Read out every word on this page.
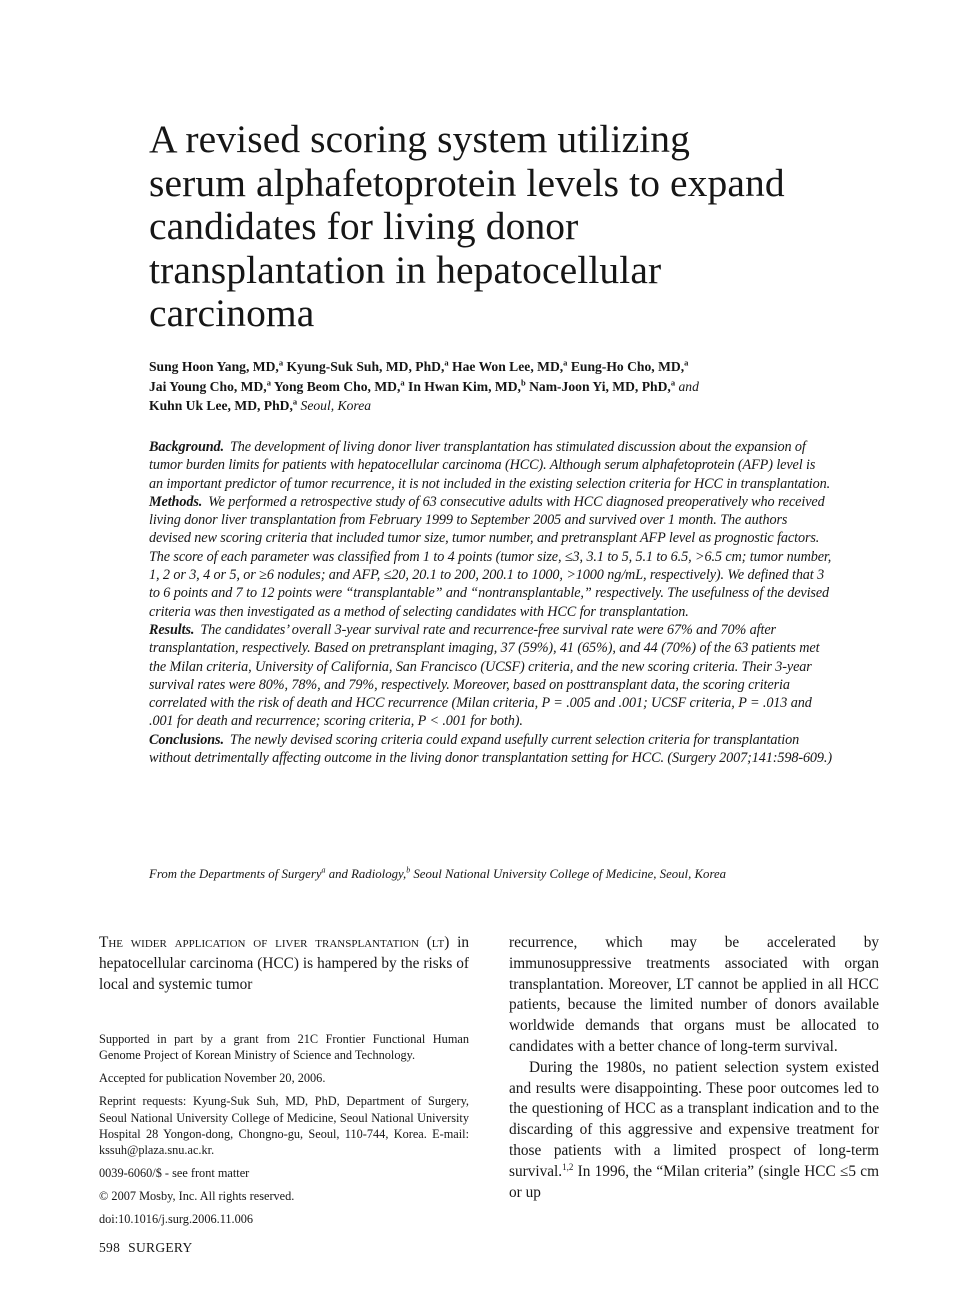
A revised scoring system utilizing serum alphafetoprotein levels to expand candidates for living donor transplantation in hepatocellular carcinoma
Sung Hoon Yang, MD,$^a$ Kyung-Suk Suh, MD, PhD,$^a$ Hae Won Lee, MD,$^a$ Eung-Ho Cho, MD,$^a$
Jai Young Cho, MD,$^a$ Yong Beom Cho, MD,$^a$ In Hwan Kim, MD,$^b$ Nam-Joon Yi, MD, PhD,$^a$ and
Kuhn Uk Lee, MD, PhD,$^a$ Seoul, Korea

Background. The development of living donor liver transplantation has stimulated discussion about the expansion of tumor burden limits for patients with hepatocellular carcinoma (HCC). Although serum alphafetoprotein (AFP) level is an important predictor of tumor recurrence, it is not included in the existing selection criteria for HCC in transplantation.

Methods. We performed a retrospective study of 63 consecutive adults with HCC diagnosed preoperatively who received living donor liver transplantation from February 1999 to September 2005 and survived over 1 month. The authors devised new scoring criteria that included tumor size, tumor number, and pretransplant AFP level as prognostic factors. The score of each parameter was classified from 1 to 4 points (tumor size, ≤3, 3.1 to 5, 5.1 to 6.5, >6.5 cm; tumor number, 1, 2 or 3, 4 or 5, or ≥6 nodules; and AFP, ≤20, 20.1 to 200, 200.1 to 1000, >1000 ng/mL, respectively). We defined that 3 to 6 points and 7 to 12 points were “transplantable” and “nontransplantable,” respectively. The usefulness of the devised criteria was then investigated as a method of selecting candidates with HCC for transplantation.

Results. The candidates’ overall 3-year survival rate and recurrence-free survival rate were 67% and 70% after transplantation, respectively. Based on pretransplant imaging, 37 (59%), 41 (65%), and 44 (70%) of the 63 patients met the Milan criteria, University of California, San Francisco (UCSF) criteria, and the new scoring criteria. Their 3-year survival rates were 80%, 78%, and 79%, respectively. Moreover, based on posttransplant data, the scoring criteria correlated with the risk of death and HCC recurrence (Milan criteria, P = .005 and .001; UCSF criteria, P = .013 and .001 for death and recurrence; scoring criteria, P < .001 for both).

Conclusions. The newly devised scoring criteria could expand usefully current selection criteria for transplantation without detrimentally affecting outcome in the living donor transplantation setting for HCC. (Surgery 2007;141:598-609.)

From the Departments of Surgery$^a$ and Radiology,$^b$ Seoul National University College of Medicine, Seoul, Korea

The wider application of liver transplantation (lt) in hepatocellular carcinoma (HCC) is hampered by the risks of local and systemic tumor

Supported in part by a grant from 21C Frontier Functional Human Genome Project of Korean Ministry of Science and Technology.

Accepted for publication November 20, 2006.

Reprint requests: Kyung-Suk Suh, MD, PhD, Department of Surgery, Seoul National University College of Medicine, Seoul National University Hospital 28 Yongon-dong, Chongno-gu, Seoul, 110-744, Korea. E-mail: kssuh@plaza.snu.ac.kr.

0039-6060/$ - see front matter

© 2007 Mosby, Inc. All rights reserved.

doi:10.1016/j.surg.2006.11.006

recurrence, which may be accelerated by immunosuppressive treatments associated with organ transplantation. Moreover, LT cannot be applied in all HCC patients, because the limited number of donors available worldwide demands that organs must be allocated to candidates with a better chance of long-term survival.

During the 1980s, no patient selection system existed and results were disappointing. These poor outcomes led to the questioning of HCC as a transplant indication and to the discarding of this aggressive and expensive treatment for those patients with a limited prospect of long-term survival.$^{1,2}$ In 1996, the “Milan criteria” (single HCC ≤5 cm or up

598 SURGERY
